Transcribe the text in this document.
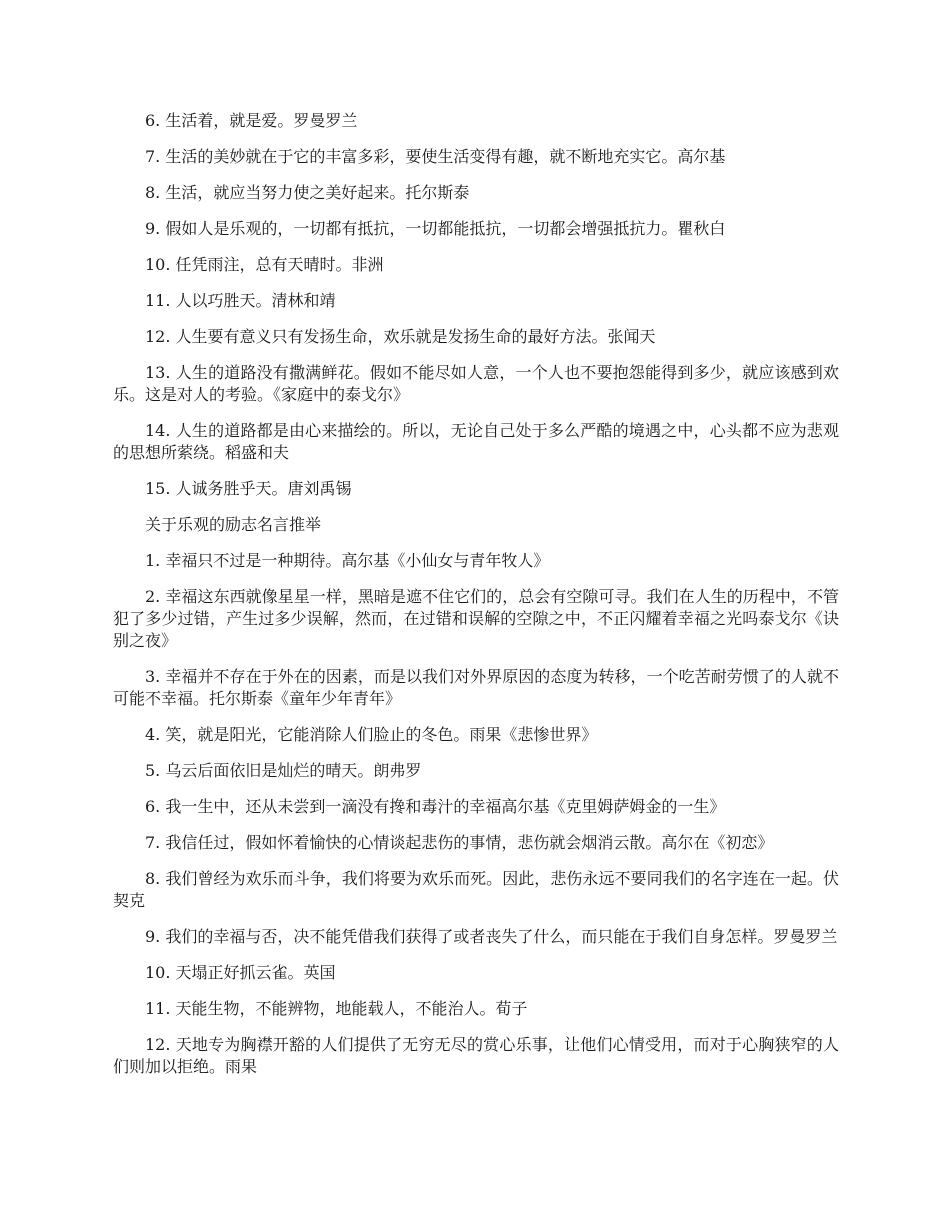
6. 生活着，就是爱。罗曼罗兰

7. 生活的美妙就在于它的丰富多彩，要使生活变得有趣，就不断地充实它。高尔基

8. 生活，就应当努力使之美好起来。托尔斯泰

9. 假如人是乐观的，一切都有抵抗，一切都能抵抗，一切都会增强抵抗力。瞿秋白

10. 任凭雨注，总有天晴时。非洲

11. 人以巧胜天。清林和靖

12. 人生要有意义只有发扬生命，欢乐就是发扬生命的最好方法。张闻天

13. 人生的道路没有撒满鲜花。假如不能尽如人意，一个人也不要抱怨能得到多少，就应该感到欢乐。这是对人的考验。《家庭中的泰戈尔》

14. 人生的道路都是由心来描绘的。所以，无论自己处于多么严酷的境遇之中，心头都不应为悲观的思想所萦绕。稻盛和夫

15. 人诚务胜乎天。唐刘禹锡

关于乐观的励志名言推举

1. 幸福只不过是一种期待。高尔基《小仙女与青年牧人》

2. 幸福这东西就像星星一样，黑暗是遮不住它们的，总会有空隙可寻。我们在人生的历程中，不管犯了多少过错，产生过多少误解，然而，在过错和误解的空隙之中，不正闪耀着幸福之光吗泰戈尔《诀别之夜》

3. 幸福并不存在于外在的因素，而是以我们对外界原因的态度为转移，一个吃苦耐劳惯了的人就不可能不幸福。托尔斯泰《童年少年青年》

4. 笑，就是阳光，它能消除人们脸止的冬色。雨果《悲惨世界》

5. 乌云后面依旧是灿烂的晴天。朗弗罗

6. 我一生中，还从未尝到一滴没有搀和毒汁的幸福高尔基《克里姆萨姆金的一生》

7. 我信任过，假如怀着愉快的心情谈起悲伤的事情，悲伤就会烟消云散。高尔在《初恋》

8. 我们曾经为欢乐而斗争，我们将要为欢乐而死。因此，悲伤永远不要同我们的名字连在一起。伏契克

9. 我们的幸福与否，决不能凭借我们获得了或者丧失了什么，而只能在于我们自身怎样。罗曼罗兰

10. 天塌正好抓云雀。英国

11. 天能生物，不能辨物，地能载人，不能治人。荀子

12. 天地专为胸襟开豁的人们提供了无穷无尽的赏心乐事，让他们心情受用，而对于心胸狭窄的人们则加以拒绝。雨果
